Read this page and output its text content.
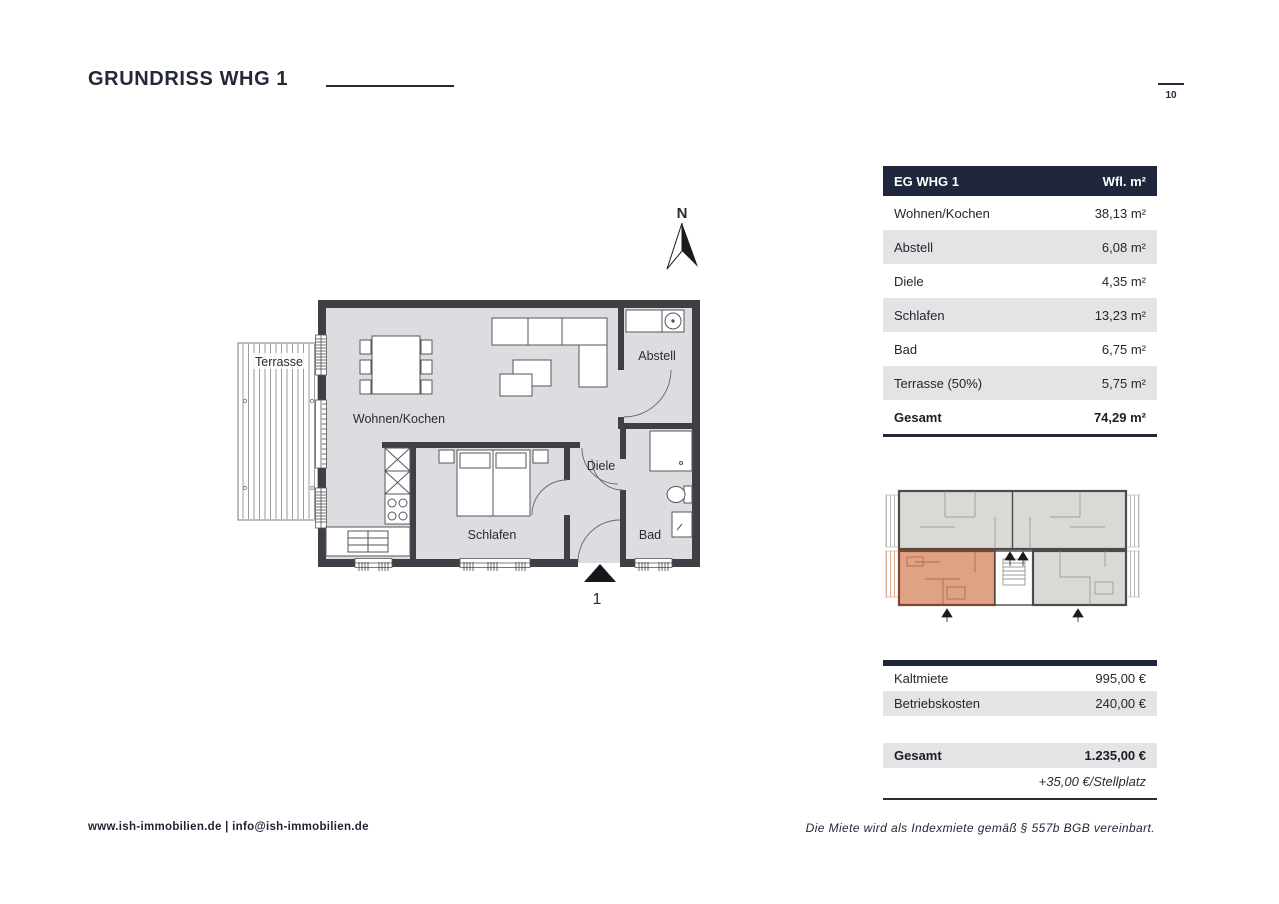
GRUNDRISS WHG 1
10
Terrasse
Wohnen/Kochen
Abstell
Diele
Schlafen	Bad
N
1
EG WHG 1	Wfl. m²
Wohnen/Kochen	38,13 m²
Abstell	6,08 m²
Diele	4,35 m²
Schlafen	13,23 m²
Bad	6,75 m²
Terrasse (50%)	5,75 m²
Gesamt	74,29 m²
Kaltmiete	995,00 €
Betriebskosten	240,00 €
Gesamt	1.235,00 €
+35,00 €/Stellplatz
www.ish-immobilien.de | info@ish-immobilien.de	Die Miete wird als Indexmiete gemäß § 557b BGB vereinbart.
